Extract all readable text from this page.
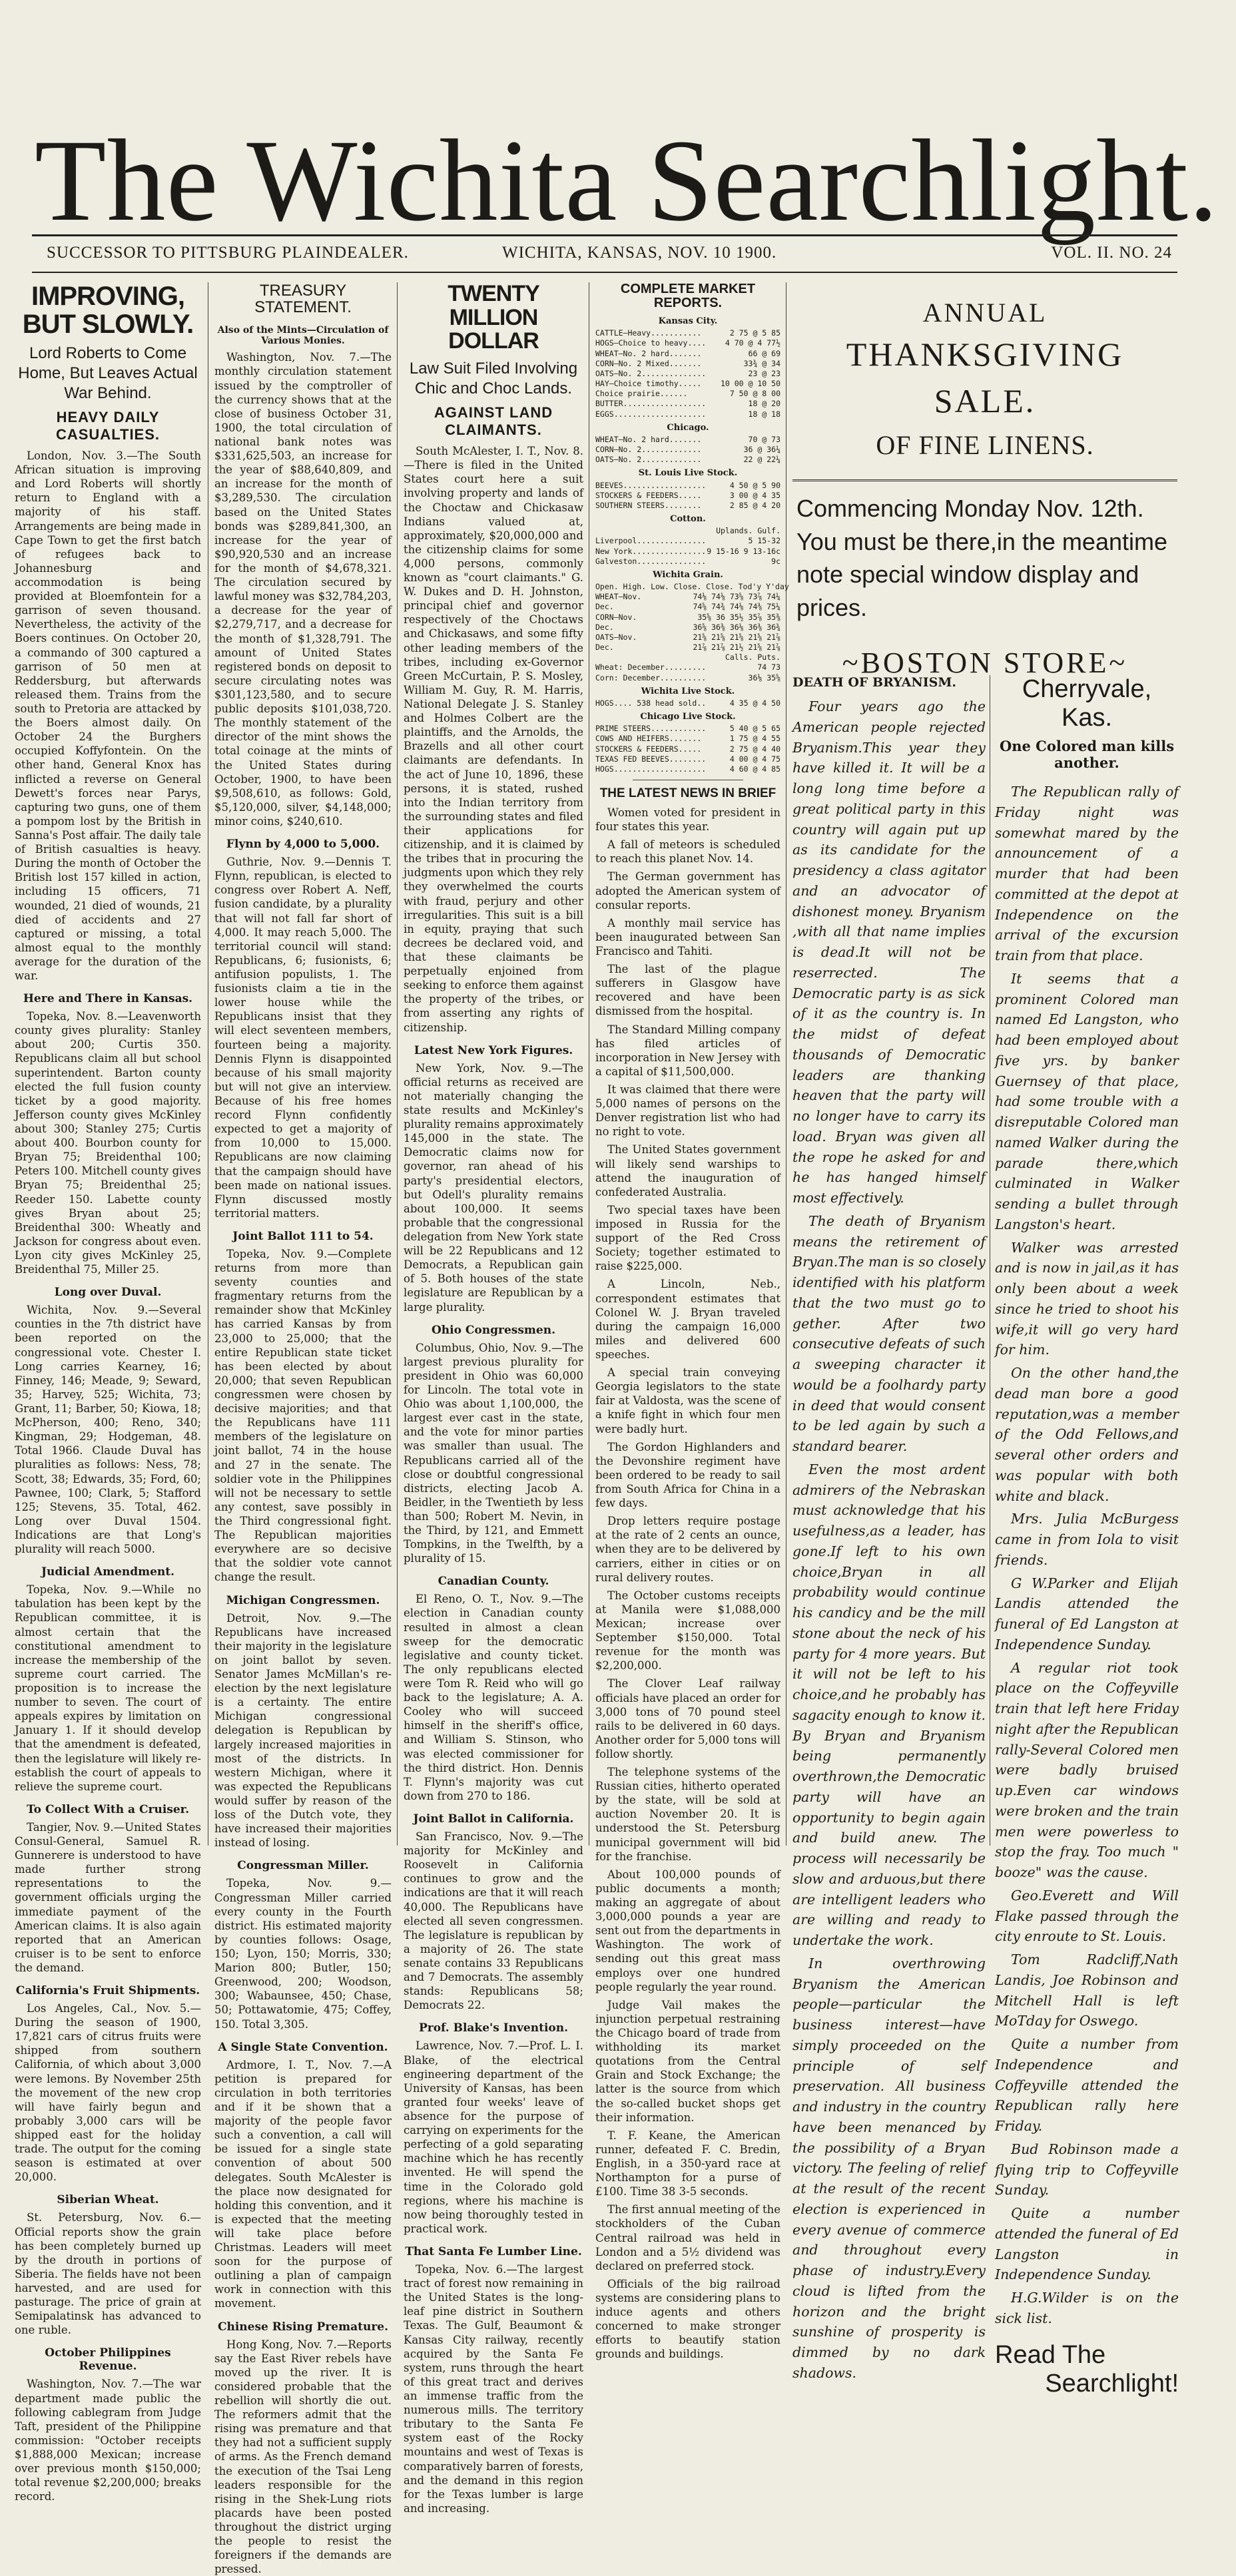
The Wichita Searchlight.
SUCCESSOR TO PITTSBURG PLAINDEALER.	WICHITA, KANSAS, NOV. 10 1900.	VOL. II. NO. 24
IMPROVING, BUT SLOWLY.
Lord Roberts to Come Home, But Leaves Actual War Behind.
HEAVY DAILY CASUALTIES.

London, Nov. 3.—The South African situation is improving and Lord Roberts will shortly return to England with a majority of his staff. Arrangements are being made in Cape Town to get the first batch of refugees back to Johannesburg and accommodation is being provided at Bloemfontein for a garrison of seven thousand. Nevertheless, the activity of the Boers continues. On October 20, a commando of 300 captured a garrison of 50 men at Reddersburg, but afterwards released them. Trains from the south to Pretoria are attacked by the Boers almost daily. On October 24 the Burghers occupied Koffyfontein. On the other hand, General Knox has inflicted a reverse on General Dewett's forces near Parys, capturing two guns, one of them a pompom lost by the British in Sanna's Post affair. The daily tale of British casualties is heavy. During the month of October the British lost 157 killed in action, including 15 officers, 71 wounded, 21 died of wounds, 21 died of accidents and 27 captured or missing, a total almost equal to the monthly average for the duration of the war.

Here and There in Kansas.

Topeka, Nov. 8.—Leavenworth county gives plurality: Stanley about 200; Curtis 350. Republicans claim all but school superintendent. Barton county elected the full fusion county ticket by a good majority. Jefferson county gives McKinley about 300; Stanley 275; Curtis about 400. Bourbon county for Bryan 75; Breidenthal 100; Peters 100. Mitchell county gives Bryan 75; Breidenthal 25; Reeder 150. Labette county gives Bryan about 25; Breidenthal 300: Wheatly and Jackson for congress about even. Lyon city gives McKinley 25, Breidenthal 75, Miller 25.

Long over Duval.

Wichita, Nov. 9.—Several counties in the 7th district have been reported on the congressional vote. Chester I. Long carries Kearney, 16; Finney, 146; Meade, 9; Seward, 35; Harvey, 525; Wichita, 73; Grant, 11; Barber, 50; Kiowa, 18; McPherson, 400; Reno, 340; Kingman, 29; Hodgeman, 48. Total 1966. Claude Duval has pluralities as follows: Ness, 78; Scott, 38; Edwards, 35; Ford, 60; Pawnee, 100; Clark, 5; Stafford 125; Stevens, 35. Total, 462. Long over Duval 1504. Indications are that Long's plurality will reach 5000.

Judicial Amendment.

Topeka, Nov. 9.—While no tabulation has been kept by the Republican committee, it is almost certain that the constitutional amendment to increase the membership of the supreme court carried. The proposition is to increase the number to seven. The court of appeals expires by limitation on January 1. If it should develop that the amendment is defeated, then the legislature will likely re-establish the court of appeals to relieve the supreme court.

To Collect With a Cruiser.

Tangier, Nov. 9.—United States Consul-General, Samuel R. Gunnerere is understood to have made further strong representations to the government officials urging the immediate payment of the American claims. It is also again reported that an American cruiser is to be sent to enforce the demand.

California's Fruit Shipments.

Los Angeles, Cal., Nov. 5.—During the season of 1900, 17,821 cars of citrus fruits were shipped from southern California, of which about 3,000 were lemons. By November 25th the movement of the new crop will have fairly begun and probably 3,000 cars will be shipped east for the holiday trade. The output for the coming season is estimated at over 20,000.

Siberian Wheat.

St. Petersburg, Nov. 6.—Official reports show the grain has been completely burned up by the drouth in portions of Siberia. The fields have not been harvested, and are used for pasturage. The price of grain at Semipalatinsk has advanced to one ruble.

October Philippines Revenue.

Washington, Nov. 7.—The war department made public the following cablegram from Judge Taft, president of the Philippine commission: "October receipts $1,888,000 Mexican; increase over previous month $150,000; total revenue $2,200,000; breaks record.

TREASURY STATEMENT.
Also of the Mints—Circulation of Various Monies.

Washington, Nov. 7.—The monthly circulation statement issued by the comptroller of the currency shows that at the close of business October 31, 1900, the total circulation of national bank notes was $331,625,503, an increase for the year of $88,640,809, and an increase for the month of $3,289,530. The circulation based on the United States bonds was $289,841,300, an increase for the year of $90,920,530 and an increase for the month of $4,678,321. The circulation secured by lawful money was $32,784,203, a decrease for the year of $2,279,717, and a decrease for the month of $1,328,791. The amount of United States registered bonds on deposit to secure circulating notes was $301,123,580, and to secure public deposits $101,038,720. The monthly statement of the director of the mint shows the total coinage at the mints of the United States during October, 1900, to have been $9,508,610, as follows: Gold, $5,120,000, silver, $4,148,000; minor coins, $240,610.

Flynn by 4,000 to 5,000.

Guthrie, Nov. 9.—Dennis T. Flynn, republican, is elected to congress over Robert A. Neff, fusion candidate, by a plurality that will not fall far short of 4,000. It may reach 5,000. The territorial council will stand: Republicans, 6; fusionists, 6; antifusion populists, 1. The fusionists claim a tie in the lower house while the Republicans insist that they will elect seventeen members, fourteen being a majority. Dennis Flynn is disappointed because of his small majority but will not give an interview. Because of his free homes record Flynn confidently expected to get a majority of from 10,000 to 15,000. Republicans are now claiming that the campaign should have been made on national issues. Flynn discussed mostly territorial matters.

Joint Ballot 111 to 54.

Topeka, Nov. 9.—Complete returns from more than seventy counties and fragmentary returns from the remainder show that McKinley has carried Kansas by from 23,000 to 25,000; that the entire Republican state ticket has been elected by about 20,000; that seven Republican congressmen were chosen by decisive majorities; and that the Republicans have 111 members of the legislature on joint ballot, 74 in the house and 27 in the senate. The soldier vote in the Philippines will not be necessary to settle any contest, save possibly in the Third congressional fight. The Republican majorities everywhere are so decisive that the soldier vote cannot change the result.

Michigan Congressmen.

Detroit, Nov. 9.—The Republicans have increased their majority in the legislature on joint ballot by seven. Senator James McMillan's re-election by the next legislature is a certainty. The entire Michigan congressional delegation is Republican by largely increased majorities in most of the districts. In western Michigan, where it was expected the Republicans would suffer by reason of the loss of the Dutch vote, they have increased their majorities instead of losing.

Congressman Miller.

Topeka, Nov. 9.—Congressman Miller carried every county in the Fourth district. His estimated majority by counties follows: Osage, 150; Lyon, 150; Morris, 330; Marion 800; Butler, 150; Greenwood, 200; Woodson, 300; Wabaunsee, 450; Chase, 50; Pottawatomie, 475; Coffey, 150. Total 3,305.

A Single State Convention.

Ardmore, I. T., Nov. 7.—A petition is prepared for circulation in both territories and if it be shown that a majority of the people favor such a convention, a call will be issued for a single state convention of about 500 delegates. South McAlester is the place now designated for holding this convention, and it is expected that the meeting will take place before Christmas. Leaders will meet soon for the purpose of outlining a plan of campaign work in connection with this movement.

Chinese Rising Premature.

Hong Kong, Nov. 7.—Reports say the East River rebels have moved up the river. It is considered probable that the rebellion will shortly die out. The reformers admit that the rising was premature and that they had not a sufficient supply of arms. As the French demand the execution of the Tsai Leng leaders responsible for the rising in the Shek-Lung riots placards have been posted throughout the district urging the people to resist the foreigners if the demands are pressed.

TWENTY MILLION DOLLAR
Law Suit Filed Involving Chic and Choc Lands.
AGAINST LAND CLAIMANTS.

South McAlester, I. T., Nov. 8.—There is filed in the United States court here a suit involving property and lands of the Choctaw and Chickasaw Indians valued at, approximately, $20,000,000 and the citizenship claims for some 4,000 persons, commonly known as "court claimants." G. W. Dukes and D. H. Johnston, principal chief and governor respectively of the Choctaws and Chickasaws, and some fifty other leading members of the tribes, including ex-Governor Green McCurtain, P. S. Mosley, William M. Guy, R. M. Harris, National Delegate J. S. Stanley and Holmes Colbert are the plaintiffs, and the Arnolds, the Brazells and all other court claimants are defendants. In the act of June 10, 1896, these persons, it is stated, rushed into the Indian territory from the surrounding states and filed their applications for citizenship, and it is claimed by the tribes that in procuring the judgments upon which they rely they overwhelmed the courts with fraud, perjury and other irregularities. This suit is a bill in equity, praying that such decrees be declared void, and that these claimants be perpetually enjoined from seeking to enforce them against the property of the tribes, or from asserting any rights of citizenship.

Latest New York Figures.

New York, Nov. 9.—The official returns as received are not materially changing the state results and McKinley's plurality remains approximately 145,000 in the state. The Democratic claims now for governor, ran ahead of his party's presidential electors, but Odell's plurality remains about 100,000. It seems probable that the congressional delegation from New York state will be 22 Republicans and 12 Democrats, a Republican gain of 5. Both houses of the state legislature are Republican by a large plurality.

Ohio Congressmen.

Columbus, Ohio, Nov. 9.—The largest previous plurality for president in Ohio was 60,000 for Lincoln. The total vote in Ohio was about 1,100,000, the largest ever cast in the state, and the vote for minor parties was smaller than usual. The Republicans carried all of the close or doubtful congressional districts, electing Jacob A. Beidler, in the Twentieth by less than 500; Robert M. Nevin, in the Third, by 121, and Emmett Tompkins, in the Twelfth, by a plurality of 15.

Canadian County.

El Reno, O. T., Nov. 9.—The election in Canadian county resulted in almost a clean sweep for the democratic legislative and county ticket. The only republicans elected were Tom R. Reid who will go back to the legislature; A. A. Cooley who will succeed himself in the sheriff's office, and William S. Stinson, who was elected commissioner for the third district. Hon. Dennis T. Flynn's majority was cut down from 270 to 186.

Joint Ballot in California.

San Francisco, Nov. 9.—The majority for McKinley and Roosevelt in California continues to grow and the indications are that it will reach 40,000. The Republicans have elected all seven congressmen. The legislature is republican by a majority of 26. The state senate contains 33 Republicans and 7 Democrats. The assembly stands: Republicans 58; Democrats 22.

Prof. Blake's Invention.

Lawrence, Nov. 7.—Prof. L. I. Blake, of the electrical engineering department of the University of Kansas, has been granted four weeks' leave of absence for the purpose of carrying on experiments for the perfecting of a gold separating machine which he has recently invented. He will spend the time in the Colorado gold regions, where his machine is now being thoroughly tested in practical work.

That Santa Fe Lumber Line.

Topeka, Nov. 6.—The largest tract of forest now remaining in the United States is the long-leaf pine district in Southern Texas. The Gulf, Beaumont & Kansas City railway, recently acquired by the Santa Fe system, runs through the heart of this great tract and derives an immense traffic from the numerous mills. The territory tributary to the Santa Fe system east of the Rocky mountains and west of Texas is comparatively barren of forests, and the demand in this region for the Texas lumber is large and increasing.

COMPLETE MARKET REPORTS.
Kansas City.
CATTLE—Heavy...........	2 75 @ 5 85
HOGS—Choice to heavy.... 4 70 @ 4 77½
WHEAT—No. 2 hard.......	66 @ 69
CORN—No. 2 Mixed.......	33¾ @ 34
OATS—No. 2..............	23 @ 23
HAY—Choice timothy..... 10 00 @ 10 50
Choice prairie......	7 50 @ 8 00
BUTTER..................	18 @ 20
EGGS....................	18 @ 18
Chicago.
WHEAT—No. 2 hard.......	70 @ 73
CORN—No. 2.............	36 @ 36¼
OATS—No. 2.............	22 @ 22¼
St. Louis Live Stock.
BEEVES..................	4 50 @ 5 90
STOCKERS & FEEDERS.....	3 00 @ 4 35
SOUTHERN STEERS........	2 85 @ 4 20
Cotton.
Uplands. Gulf.
Liverpool...............	5 15-32
New York................ 9 15-16 9 13-16c
Galveston...............	9c
Wichita Grain.
Open. High. Low. Close. Close. Tod'y Y'day
WHEAT—Nov.	74⅛ 74⅛ 73⅝ 73⅞ 74¼
Dec.	74⅝ 74¾ 74⅛ 74⅜ 75¼
CORN—Nov.	35⅝ 36 35½ 35⅞ 35⅜
Dec.	36⅝ 36⅜ 36⅛ 36⅜ 36¾
OATS—Nov.	21⅝ 21⅝ 21⅝ 21⅝ 21⅞
Dec.	21⅞ 21⅞ 21½ 21⅝ 21⅞
Calls. Puts.
Wheat: December.........	74 73
Corn: December..........	36⅛ 35⅝
Wichita Live Stock.
HOGS.... 538 head sold..	4 35 @ 4 50
Chicago Live Stock.
PRIME STEERS............	5 40 @ 5 65
COWS AND HEIFERS.......	1 75 @ 4 55
STOCKERS & FEEDERS.....	2 75 @ 4 40
TEXAS FED BEEVES........	4 00 @ 4 75
HOGS....................	4 60 @ 4 85
THE LATEST NEWS IN BRIEF

Women voted for president in four states this year.

A fall of meteors is scheduled to reach this planet Nov. 14.

The German government has adopted the American system of consular reports.

A monthly mail service has been inaugurated between San Francisco and Tahiti.

The last of the plague sufferers in Glasgow have recovered and have been dismissed from the hospital.

The Standard Milling company has filed articles of incorporation in New Jersey with a capital of $11,500,000.

It was claimed that there were 5,000 names of persons on the Denver registration list who had no right to vote.

The United States government will likely send warships to attend the inauguration of confederated Australia.

Two special taxes have been imposed in Russia for the support of the Red Cross Society; together estimated to raise $225,000.

A Lincoln, Neb., correspondent estimates that Colonel W. J. Bryan traveled during the campaign 16,000 miles and delivered 600 speeches.

A special train conveying Georgia legislators to the state fair at Valdosta, was the scene of a knife fight in which four men were badly hurt.

The Gordon Highlanders and the Devonshire regiment have been ordered to be ready to sail from South Africa for China in a few days.

Drop letters require postage at the rate of 2 cents an ounce, when they are to be delivered by carriers, either in cities or on rural delivery routes.

The October customs receipts at Manila were $1,088,000 Mexican; increase over September $150,000. Total revenue for the month was $2,200,000.

The Clover Leaf railway officials have placed an order for 3,000 tons of 70 pound steel rails to be delivered in 60 days. Another order for 5,000 tons will follow shortly.

The telephone systems of the Russian cities, hitherto operated by the state, will be sold at auction November 20. It is understood the St. Petersburg municipal government will bid for the franchise.

About 100,000 pounds of public documents a month; making an aggregate of about 3,000,000 pounds a year are sent out from the departments in Washington. The work of sending out this great mass employs over one hundred people regularly the year round.

Judge Vail makes the injunction perpetual restraining the Chicago board of trade from withholding its market quotations from the Central Grain and Stock Exchange; the latter is the source from which the so-called bucket shops get their information.

T. F. Keane, the American runner, defeated F. C. Bredin, English, in a 350-yard race at Northampton for a purse of £100. Time 38 3-5 seconds.

The first annual meeting of the stockholders of the Cuban Central railroad was held in London and a 5½ dividend was declared on preferred stock.

Officials of the big railroad systems are considering plans to induce agents and others concerned to make stronger efforts to beautify station grounds and buildings.

ANNUAL
THANKSGIVING
SALE.
OF FINE LINENS.
Commencing Monday Nov. 12th. You must be there,in the meantime note special window display and prices.
~BOSTON STORE~
DEATH OF BRYANISM.

Four years ago the American people rejected Bryanism.This year they have killed it. It will be a long long time before a great political party in this country will again put up as its candidate for the presidency a class agitator and an advocator of dishonest money. Bryanism ,with all that name implies is dead.It will not be reserrected. The Democratic party is as sick of it as the country is. In the midst of defeat thousands of Democratic leaders are thanking heaven that the party will no longer have to carry its load. Bryan was given all the rope he asked for and he has hanged himself most effectively.

The death of Bryanism means the retirement of Bryan.The man is so closely identified with his platform that the two must go to gether. After two consecutive defeats of such a sweeping character it would be a foolhardy party in deed that would consent to be led again by such a standard bearer.

Even the most ardent admirers of the Nebraskan must acknowledge that his usefulness,as a leader, has gone.If left to his own choice,Bryan in all probability would continue his candicy and be the mill stone about the neck of his party for 4 more years. But it will not be left to his choice,and he probably has sagacity enough to know it. By Bryan and Bryanism being permanently overthrown,the Democratic party will have an opportunity to begin again and build anew. The process will necessarily be slow and arduous,but there are intelligent leaders who are willing and ready to undertake the work.

In overthrowing Bryanism the American people—particular the business interest—have simply proceeded on the principle of self preservation. All business and industry in the country have been menanced by the possibility of a Bryan victory. The feeling of relief at the result of the recent election is experienced in every avenue of commerce and throughout every phase of industry.Every cloud is lifted from the horizon and the bright sunshine of prosperity is dimmed by no dark shadows.

Cherryvale, Kas.
One Colored man kills another.

The Republican rally of Friday night was somewhat mared by the announcement of a murder that had been committed at the depot at Independence on the arrival of the excursion train from that place.

It seems that a prominent Colored man named Ed Langston, who had been employed about five yrs. by banker Guernsey of that place, had some trouble with a disreputable Colored man named Walker during the parade there,which culminated in Walker sending a bullet through Langston's heart.

Walker was arrested and is now in jail,as it has only been about a week since he tried to shoot his wife,it will go very hard for him.

On the other hand,the dead man bore a good reputation,was a member of the Odd Fellows,and several other orders and was popular with both white and black.

Mrs. Julia McBurgess came in from Iola to visit friends.

G W.Parker and Elijah Landis attended the funeral of Ed Langston at Independence Sunday.

A regular riot took place on the Coffeyville train that left here Friday night after the Republican rally-Several Colored men were badly bruised up.Even car windows were broken and the train men were powerless to stop the fray. Too much " booze" was the cause.

Geo.Everett and Will Flake passed through the city enroute to St. Louis.

Tom Radcliff,Nath Landis, Joe Robinson and Mitchell Hall is left MoTday for Oswego.

Quite a number from Independence and Coffeyville attended the Republican rally here Friday.

Bud Robinson made a flying trip to Coffeyville Sunday.

Quite a number attended the funeral of Ed Langston in Independence Sunday.

H.G.Wilder is on the sick list.

Read The
Searchlight!
